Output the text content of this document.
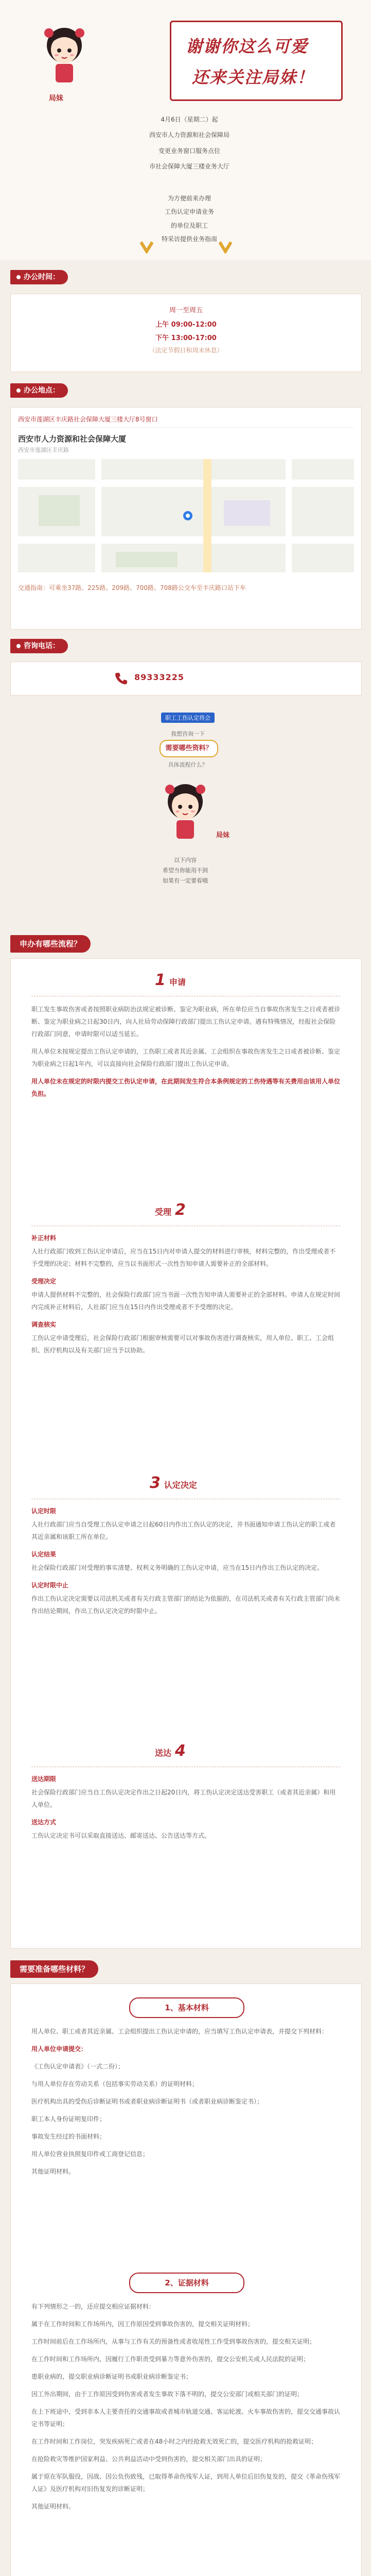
局妹
谢谢你这么可爱
还来关注局妹！
4月6日（星期二）起
西安市人力资源和社会保障局
变更业务窗口服务点位
市社会保障大厦三楼业务大厅
为方便前来办理
工伤认定申请业务
的单位及职工
特采访提供业务指南
办公时间：
周一至周五
上午 09:00-12:00
下午 13:00-17:00
（法定节假日和周末休息）
办公地点：
西安市莲湖区丰庆路社会保障大厦三楼大厅8号窗口
西安市人力资源和社会保障大厦
西安市莲湖区丰庆路
交通指南：可乘坐37路、225路、209路、700路、708路公交车至丰庆路口站下车
咨询电话：
89333225
职工工伤认定将会
我想咨询一下
需要哪些资料？
具体流程什么？
局妹
以下内容
希望当你能用不到
如果有一定要看哦
申办有哪些流程？
1 申请

职工发生事故伤害或者按照职业病防治法规定被诊断、鉴定为职业病，所在单位应当自事故伤害发生之日或者被诊断、鉴定为职业病之日起30日内，向人社局劳动保障行政部门提出工伤认定申请。遇有特殊情况，经报社会保险行政部门同意，申请时限可以适当延长。

用人单位未按规定提出工伤认定申请的，工伤职工或者其近亲属、工会组织在事故伤害发生之日或者被诊断、鉴定为职业病之日起1年内，可以直接向社会保险行政部门提出工伤认定申请。

用人单位未在规定的时限内提交工伤认定申请，在此期间发生符合本条例规定的工伤待遇等有关费用由该用人单位负担。

受理 2

补正材料

人社行政部门收到工伤认定申请后，应当在15日内对申请人提交的材料进行审核，材料完整的，作出受理或者不予受理的决定；材料不完整的，应当以书面形式一次性告知申请人需要补正的全部材料。

受理决定

申请人提供材料不完整的，社会保险行政部门应当书面一次性告知申请人需要补正的全部材料。申请人在规定时间内完成补正材料后，人社部门应当在15日内作出受理或者不予受理的决定。

调查核实

工伤认定申请受理后，社会保险行政部门根据审核需要可以对事故伤害进行调查核实，用人单位、职工、工会组织、医疗机构以及有关部门应当予以协助。

3 认定决定

认定时限

人社行政部门应当自受理工伤认定申请之日起60日内作出工伤认定的决定，并书面通知申请工伤认定的职工或者其近亲属和该职工所在单位。

认定结果

社会保险行政部门对受理的事实清楚、权利义务明确的工伤认定申请，应当在15日内作出工伤认定的决定。

认定时限中止

作出工伤认定决定需要以司法机关或者有关行政主管部门的结论为依据的，在司法机关或者有关行政主管部门尚未作出结论期间，作出工伤认定决定的时限中止。

送达 4

送达期限

社会保险行政部门应当自工伤认定决定作出之日起20日内，将工伤认定决定送达受害职工（或者其近亲属）和用人单位。

送达方式

工伤认定决定书可以采取直接送达、邮寄送达、公告送达等方式。

需要准备哪些材料？
1、基本材料

用人单位、职工或者其近亲属、工会组织提出工伤认定申请的，应当填写工伤认定申请表，并提交下列材料：

用人单位申请提交：

《工伤认定申请表》（一式二份）；

与用人单位存在劳动关系（包括事实劳动关系）的证明材料；

医疗机构出具的受伤后诊断证明书或者职业病诊断证明书（或者职业病诊断鉴定书）；

职工本人身份证明复印件；

事故发生经过的书面材料；

用人单位营业执照复印件或工商登记信息；

其他证明材料。

2、证据材料

有下列情形之一的，还应提交相应证据材料：

属于在工作时间和工作场所内，因工作原因受到事故伤害的，提交相关证明材料；

工作时间前后在工作场所内，从事与工作有关的预备性或者收尾性工作受到事故伤害的，提交相关证明；

在工作时间和工作场所内，因履行工作职责受到暴力等意外伤害的，提交公安机关或人民法院的证明；

患职业病的，提交职业病诊断证明书或职业病诊断鉴定书；

因工外出期间，由于工作原因受到伤害或者发生事故下落不明的，提交公安部门或相关部门的证明；

在上下班途中，受到非本人主要责任的交通事故或者城市轨道交通、客运轮渡、火车事故伤害的，提交交通事故认定书等证明；

在工作时间和工作岗位，突发疾病死亡或者在48小时之内经抢救无效死亡的，提交医疗机构的抢救证明；

在抢险救灾等维护国家利益、公共利益活动中受到伤害的，提交相关部门出具的证明；

属于原在军队服役，因战、因公负伤致残，已取得革命伤残军人证，到用人单位后旧伤复发的，提交《革命伤残军人证》及医疗机构对旧伤复发的诊断证明；

其他证明材料。
